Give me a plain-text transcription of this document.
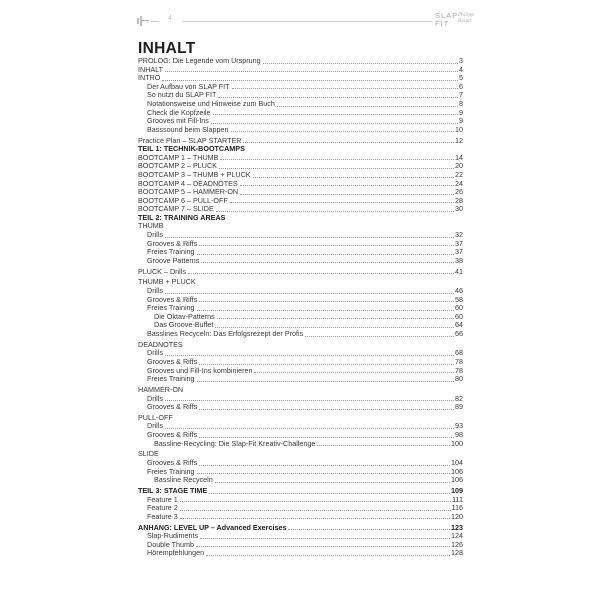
4	SLAP
FIT
Philipp Bauer
INHALT
PROLOG: Die Legende vom Ursprung	3
INHALT	4
INTRO	5
Der Aufbau von SLAP FIT	6
So nutzt du SLAP FIT	7
Notationsweise und Hinweise zum Buch	8
Check die Kopfzeile	9
Grooves mit Fill-Ins	9
Basssound beim Slappen	10
Practice Plan – SLAP STARTER	12
TEIL 1: TECHNIK-BOOTCAMPS
BOOTCAMP 1 – THUMB	14
BOOTCAMP 2 – PLUCK	20
BOOTCAMP 3 – THUMB + PLUCK	22
BOOTCAMP 4 – DEADNOTES	24
BOOTCAMP 5 – HAMMER-ON	26
BOOTCAMP 6 – PULL-OFF	28
BOOTCAMP 7 – SLIDE	30
TEIL 2: TRAINING AREAS
THUMB
Drills	32
Grooves & Riffs	37
Freies Training	37
Groove Patterns	38
PLUCK – Drills	41
THUMB + PLUCK
Drills	46
Grooves & Riffs	58
Freies Training	60
Die Oktav-Patterns	60
Das Groove-Buffet	64
Basslines Recyceln: Das Erfolgsrezept der Profis	66
DEADNOTES
Drills	68
Grooves & Riffs	78
Grooves und Fill-Ins kombinieren	78
Freies Training	80
HAMMER-ON
Drills	82
Grooves & Riffs	89
PULL-OFF
Drills	93
Grooves & Riffs	98
Bassline-Recycling: Die Slap-Fit Kreativ-Challenge	100
SLIDE
Grooves & Riffs	104
Freies Training	106
Bassline Recyceln	106
TEIL 3: STAGE TIME	109
Feature 1	111
Feature 2	116
Feature 3	120
ANHANG: LEVEL UP – Advanced Exercises	123
Slap-Rudiments	124
Double Thumb	126
Hörempfehlungen	128
